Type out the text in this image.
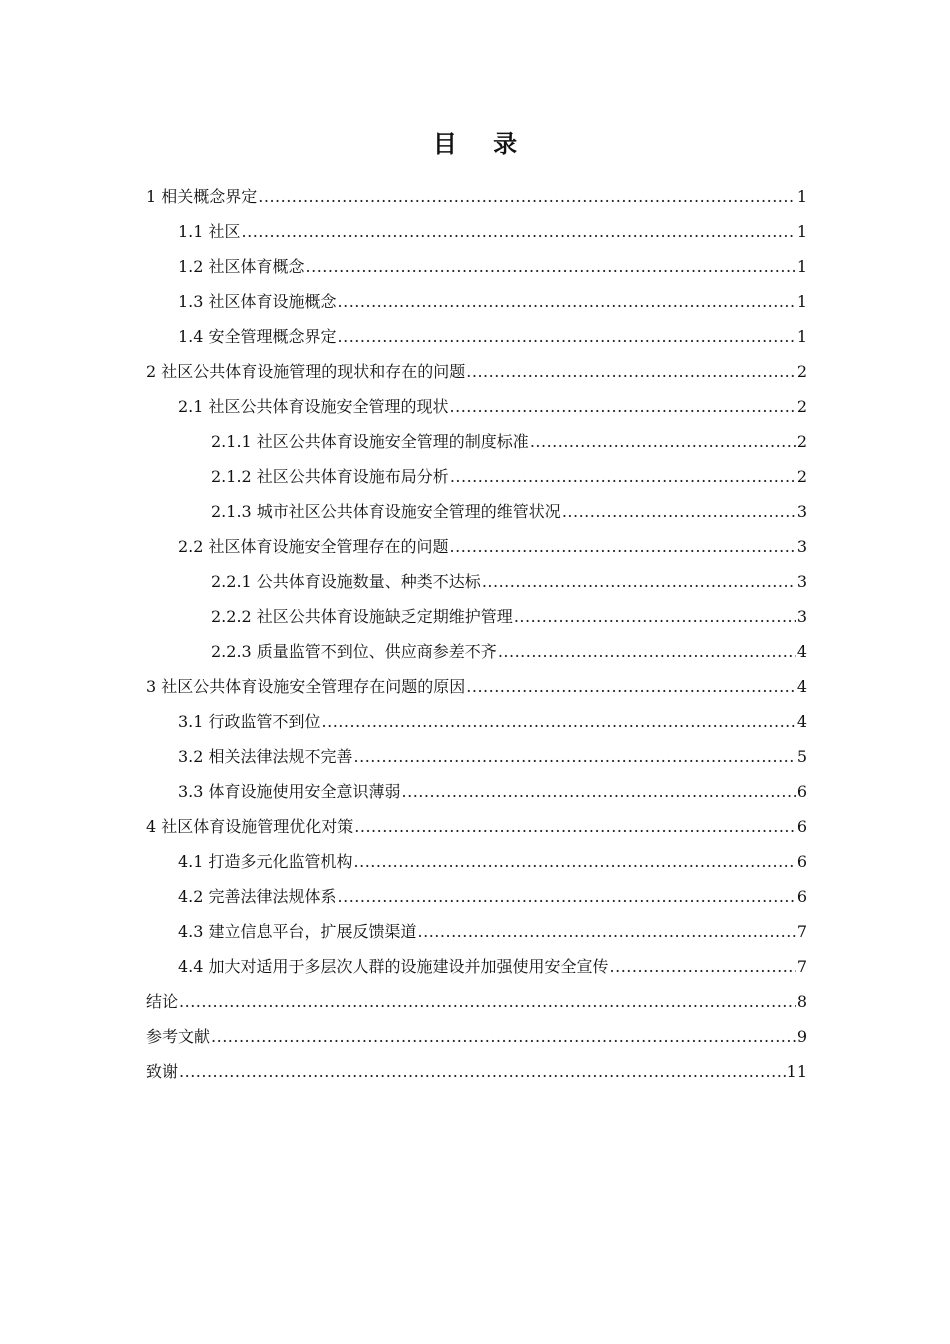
目 录
1 相关概念界定 .....	1
1.1 社区 .....	1
1.2 社区体育概念 .....	1
1.3 社区体育设施概念 .....	1
1.4 安全管理概念界定 .....	1
2 社区公共体育设施管理的现状和存在的问题 .....	2
2.1 社区公共体育设施安全管理的现状 .....	2
2.1.1 社区公共体育设施安全管理的制度标准 .....	2
2.1.2 社区公共体育设施布局分析 .....	2
2.1.3 城市社区公共体育设施安全管理的维管状况 .....	3
2.2 社区体育设施安全管理存在的问题 .....	3
2.2.1 公共体育设施数量、种类不达标 .....	3
2.2.2 社区公共体育设施缺乏定期维护管理 .....	3
2.2.3 质量监管不到位、供应商参差不齐 .....	4
3 社区公共体育设施安全管理存在问题的原因 .....	4
3.1 行政监管不到位 .....	4
3.2 相关法律法规不完善 .....	5
3.3 体育设施使用安全意识薄弱 .....	6
4 社区体育设施管理优化对策 .....	6
4.1 打造多元化监管机构 .....	6
4.2 完善法律法规体系 .....	6
4.3 建立信息平台，扩展反馈渠道 .....	7
4.4 加大对适用于多层次人群的设施建设并加强使用安全宣传 .....	7
结论 .....	8
参考文献 .....	9
致谢 .....	11
